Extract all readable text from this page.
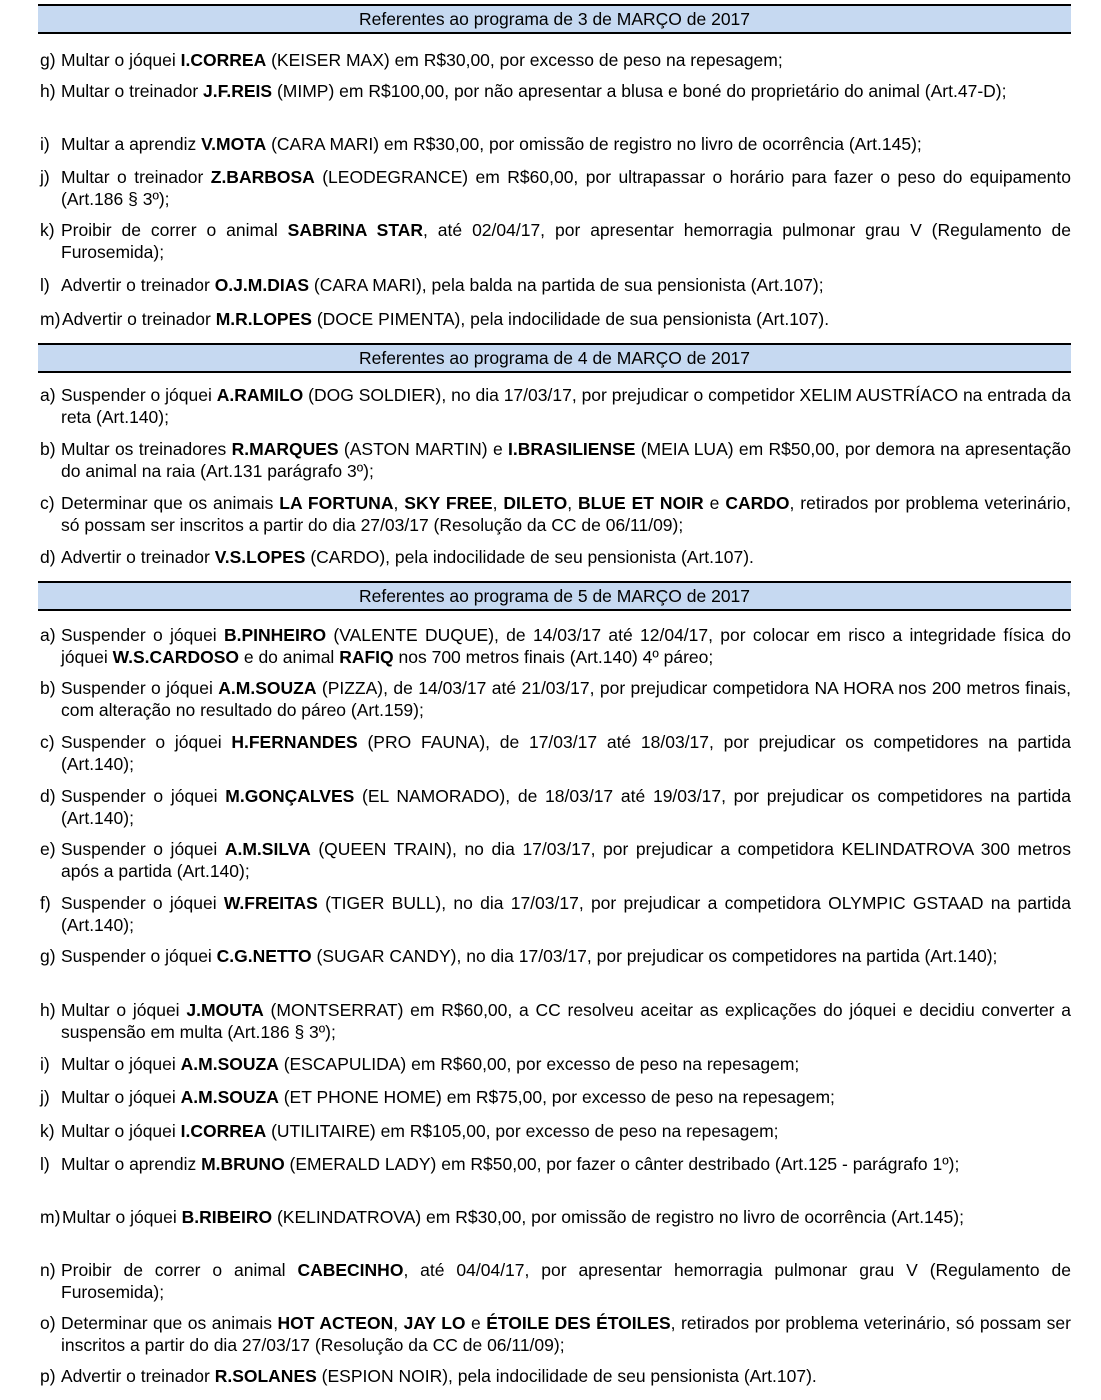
Referentes ao programa de 3 de MARÇO de 2017
g) Multar o jóquei I.CORREA (KEISER MAX) em R$30,00, por excesso de peso na repesagem;
h) Multar o treinador J.F.REIS (MIMP) em R$100,00, por não apresentar a blusa e boné do proprietário do animal (Art.47-D);
i) Multar a aprendiz V.MOTA (CARA MARI) em R$30,00, por omissão de registro no livro de ocorrência (Art.145);
j) Multar o treinador Z.BARBOSA (LEODEGRANCE) em R$60,00, por ultrapassar o horário para fazer o peso do equipamento (Art.186 § 3º);
k) Proibir de correr o animal SABRINA STAR, até 02/04/17, por apresentar hemorragia pulmonar grau V (Regulamento de Furosemida);
l) Advertir o treinador O.J.M.DIAS (CARA MARI), pela balda na partida de sua pensionista (Art.107);
m) Advertir o treinador M.R.LOPES (DOCE PIMENTA), pela indocilidade de sua pensionista (Art.107).
Referentes ao programa de 4 de MARÇO de 2017
a) Suspender o jóquei A.RAMILO (DOG SOLDIER), no dia 17/03/17, por prejudicar o competidor XELIM AUSTRÍACO na entrada da reta (Art.140);
b) Multar os treinadores R.MARQUES (ASTON MARTIN) e I.BRASILIENSE (MEIA LUA) em R$50,00, por demora na apresentação do animal na raia (Art.131 parágrafo 3º);
c) Determinar que os animais LA FORTUNA, SKY FREE, DILETO, BLUE ET NOIR e CARDO, retirados por problema veterinário, só possam ser inscritos a partir do dia 27/03/17 (Resolução da CC de 06/11/09);
d) Advertir o treinador V.S.LOPES (CARDO), pela indocilidade de seu pensionista (Art.107).
Referentes ao programa de 5 de MARÇO de 2017
a) Suspender o jóquei B.PINHEIRO (VALENTE DUQUE), de 14/03/17 até 12/04/17, por colocar em risco a integridade física do jóquei W.S.CARDOSO e do animal RAFIQ nos 700 metros finais (Art.140) 4º páreo;
b) Suspender o jóquei A.M.SOUZA (PIZZA), de 14/03/17 até 21/03/17, por prejudicar competidora NA HORA nos 200 metros finais, com alteração no resultado do páreo (Art.159);
c) Suspender o jóquei H.FERNANDES (PRO FAUNA), de 17/03/17 até 18/03/17, por prejudicar os competidores na partida (Art.140);
d) Suspender o jóquei M.GONÇALVES (EL NAMORADO), de 18/03/17 até 19/03/17, por prejudicar os competidores na partida (Art.140);
e) Suspender o jóquei A.M.SILVA (QUEEN TRAIN), no dia 17/03/17, por prejudicar a competidora KELINDATROVA 300 metros após a partida (Art.140);
f) Suspender o jóquei W.FREITAS (TIGER BULL), no dia 17/03/17, por prejudicar a competidora OLYMPIC GSTAAD na partida (Art.140);
g) Suspender o jóquei C.G.NETTO (SUGAR CANDY), no dia 17/03/17, por prejudicar os competidores na partida (Art.140);
h) Multar o jóquei J.MOUTA (MONTSERRAT) em R$60,00, a CC resolveu aceitar as explicações do jóquei e decidiu converter a suspensão em multa (Art.186 § 3º);
i) Multar o jóquei A.M.SOUZA (ESCAPULIDA) em R$60,00, por excesso de peso na repesagem;
j) Multar o jóquei A.M.SOUZA (ET PHONE HOME) em R$75,00, por excesso de peso na repesagem;
k) Multar o jóquei I.CORREA (UTILITAIRE) em R$105,00, por excesso de peso na repesagem;
l) Multar o aprendiz M.BRUNO (EMERALD LADY) em R$50,00, por fazer o cânter destribado (Art.125 - parágrafo 1º);
m) Multar o jóquei B.RIBEIRO (KELINDATROVA) em R$30,00, por omissão de registro no livro de ocorrência (Art.145);
n) Proibir de correr o animal CABECINHO, até 04/04/17, por apresentar hemorragia pulmonar grau V (Regulamento de Furosemida);
o) Determinar que os animais HOT ACTEON, JAY LO e ÉTOILE DES ÉTOILES, retirados por problema veterinário, só possam ser inscritos a partir do dia 27/03/17 (Resolução da CC de 06/11/09);
p) Advertir o treinador R.SOLANES (ESPION NOIR), pela indocilidade de seu pensionista (Art.107).
